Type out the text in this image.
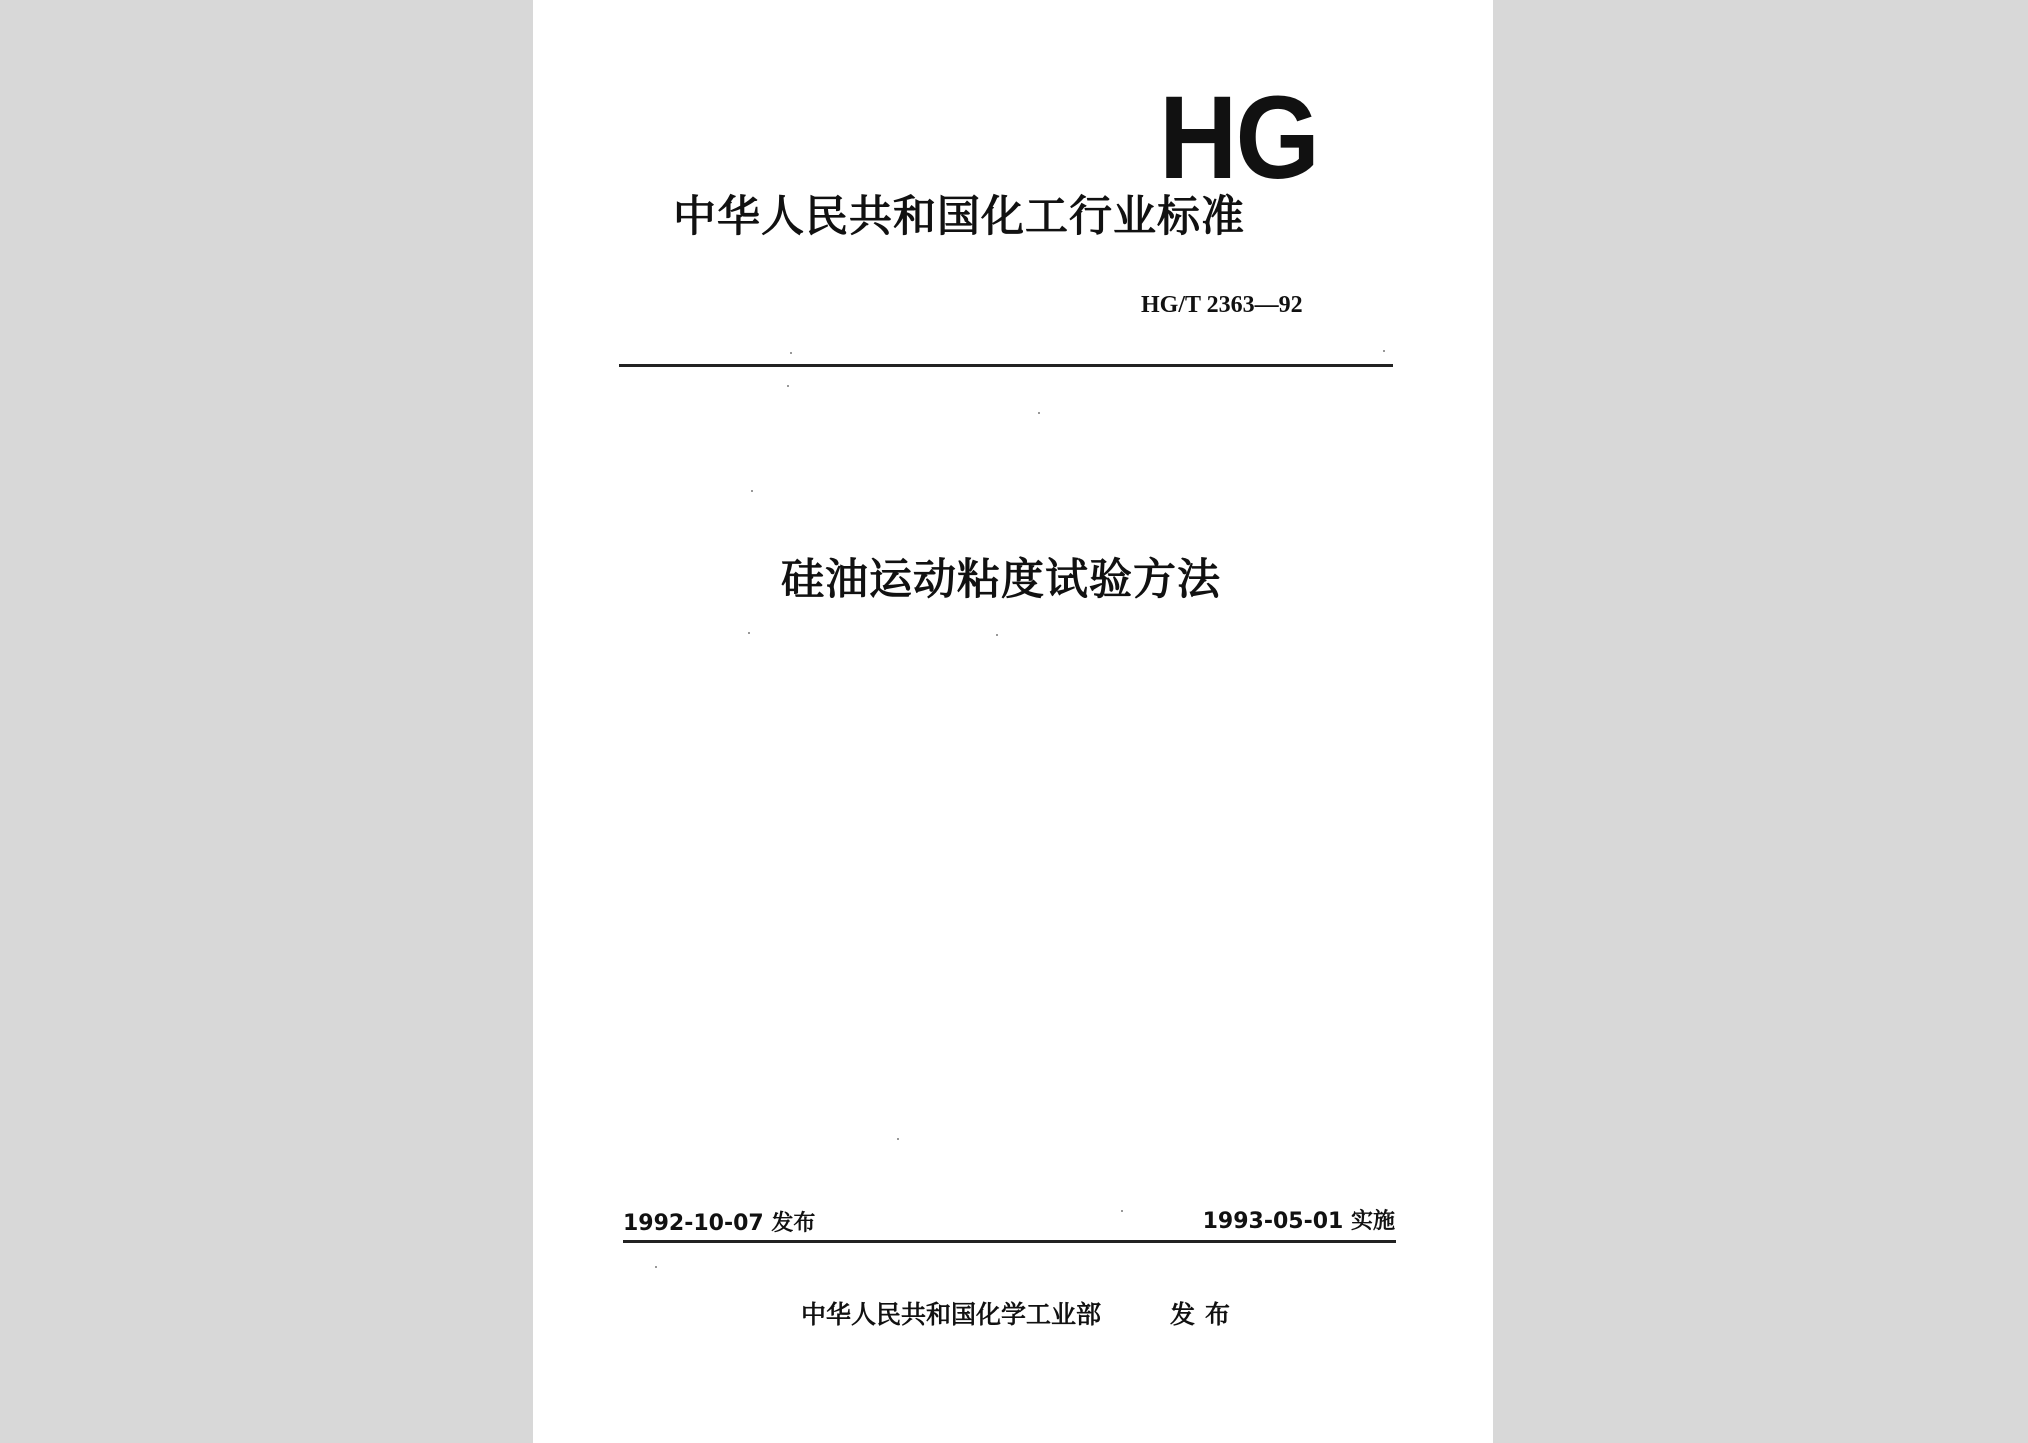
HG
中华人民共和国化工行业标准
HG/T 2363—92
硅油运动粘度试验方法
1992-10-07 发布	1993-05-01 实施
中华人民共和国化学工业部	发布
